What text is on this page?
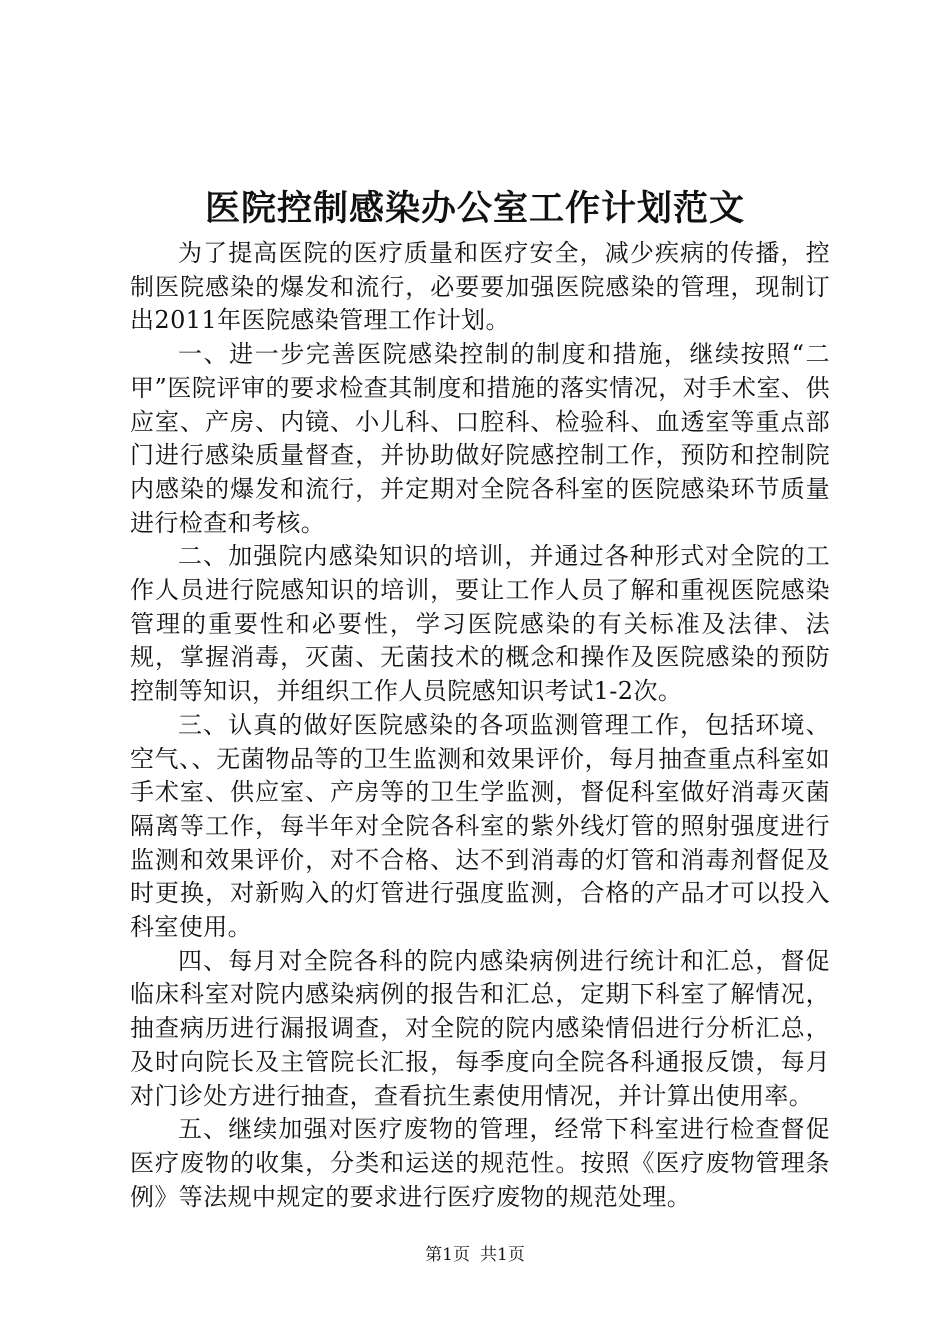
医院控制感染办公室工作计划范文

为了提高医院的医疗质量和医疗安全，减少疾病的传播，控制医院感染的爆发和流行，必要要加强医院感染的管理，现制订出2011年医院感染管理工作计划。

一、进一步完善医院感染控制的制度和措施，继续按照“二甲”医院评审的要求检查其制度和措施的落实情况，对手术室、供应室、产房、内镜、小儿科、口腔科、检验科、血透室等重点部门进行感染质量督查，并协助做好院感控制工作，预防和控制院内感染的爆发和流行，并定期对全院各科室的医院感染环节质量进行检查和考核。

二、加强院内感染知识的培训，并通过各种形式对全院的工作人员进行院感知识的培训，要让工作人员了解和重视医院感染管理的重要性和必要性，学习医院感染的有关标准及法律、法规，掌握消毒，灭菌、无菌技术的概念和操作及医院感染的预防控制等知识，并组织工作人员院感知识考试1-2次。

三、认真的做好医院感染的各项监测管理工作，包括环境、空气、、无菌物品等的卫生监测和效果评价，每月抽查重点科室如手术室、供应室、产房等的卫生学监测，督促科室做好消毒灭菌隔离等工作，每半年对全院各科室的紫外线灯管的照射强度进行监测和效果评价，对不合格、达不到消毒的灯管和消毒剂督促及时更换，对新购入的灯管进行强度监测，合格的产品才可以投入科室使用。

四、每月对全院各科的院内感染病例进行统计和汇总，督促临床科室对院内感染病例的报告和汇总，定期下科室了解情况，抽查病历进行漏报调查，对全院的院内感染情侣进行分析汇总，及时向院长及主管院长汇报，每季度向全院各科通报反馈，每月对门诊处方进行抽查，查看抗生素使用情况，并计算出使用率。

五、继续加强对医疗废物的管理，经常下科室进行检查督促医疗废物的收集，分类和运送的规范性。按照《医疗废物管理条例》等法规中规定的要求进行医疗废物的规范处理。

第1页 共1页
